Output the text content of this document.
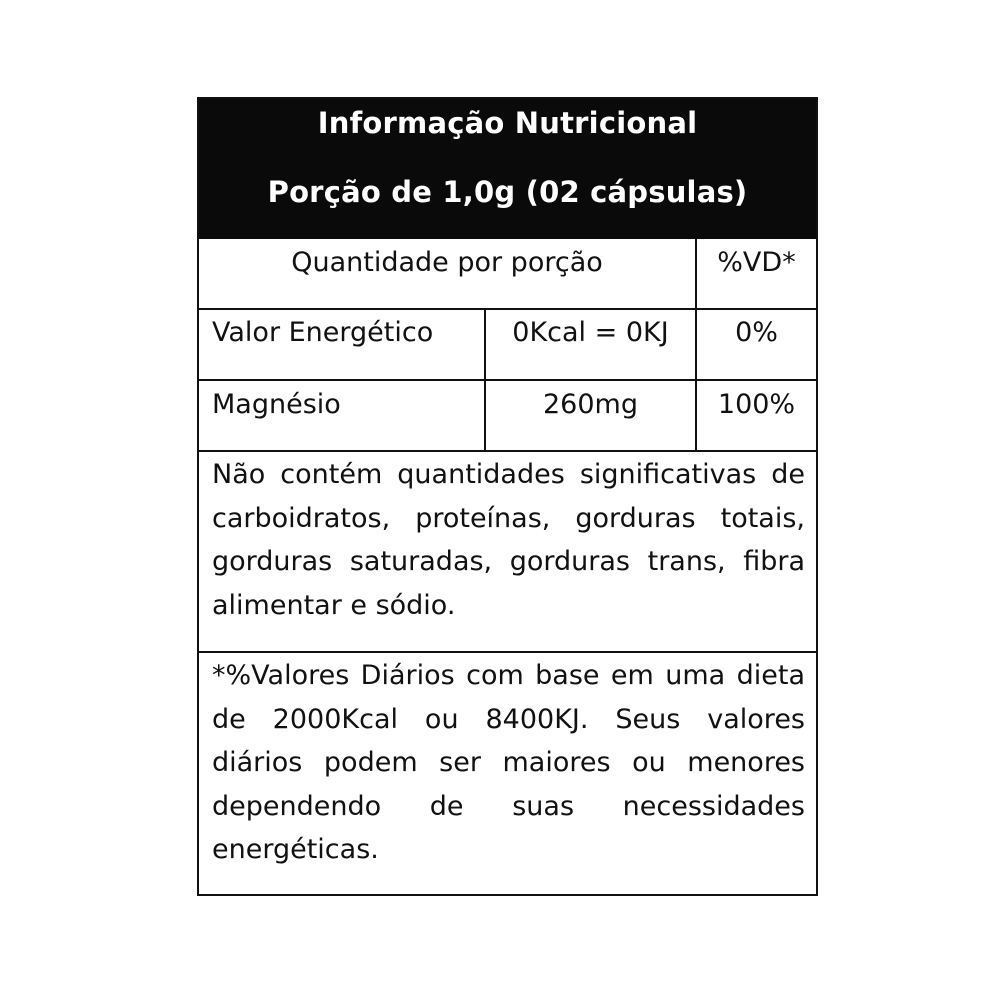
Informação Nutricional
Porção de 1,0g (02 cápsulas)
Quantidade por porção	%VD*
Valor Energético	0Kcal = 0KJ	0%
Magnésio	260mg	100%
Não contém quantidades significativas de carboidratos, proteínas, gorduras totais, gorduras saturadas, gorduras trans, fibra alimentar e sódio.
*%Valores Diários com base em uma dieta de 2000Kcal ou 8400KJ. Seus valores diários podem ser maiores ou menores dependendo de suas necessidades energéticas.
